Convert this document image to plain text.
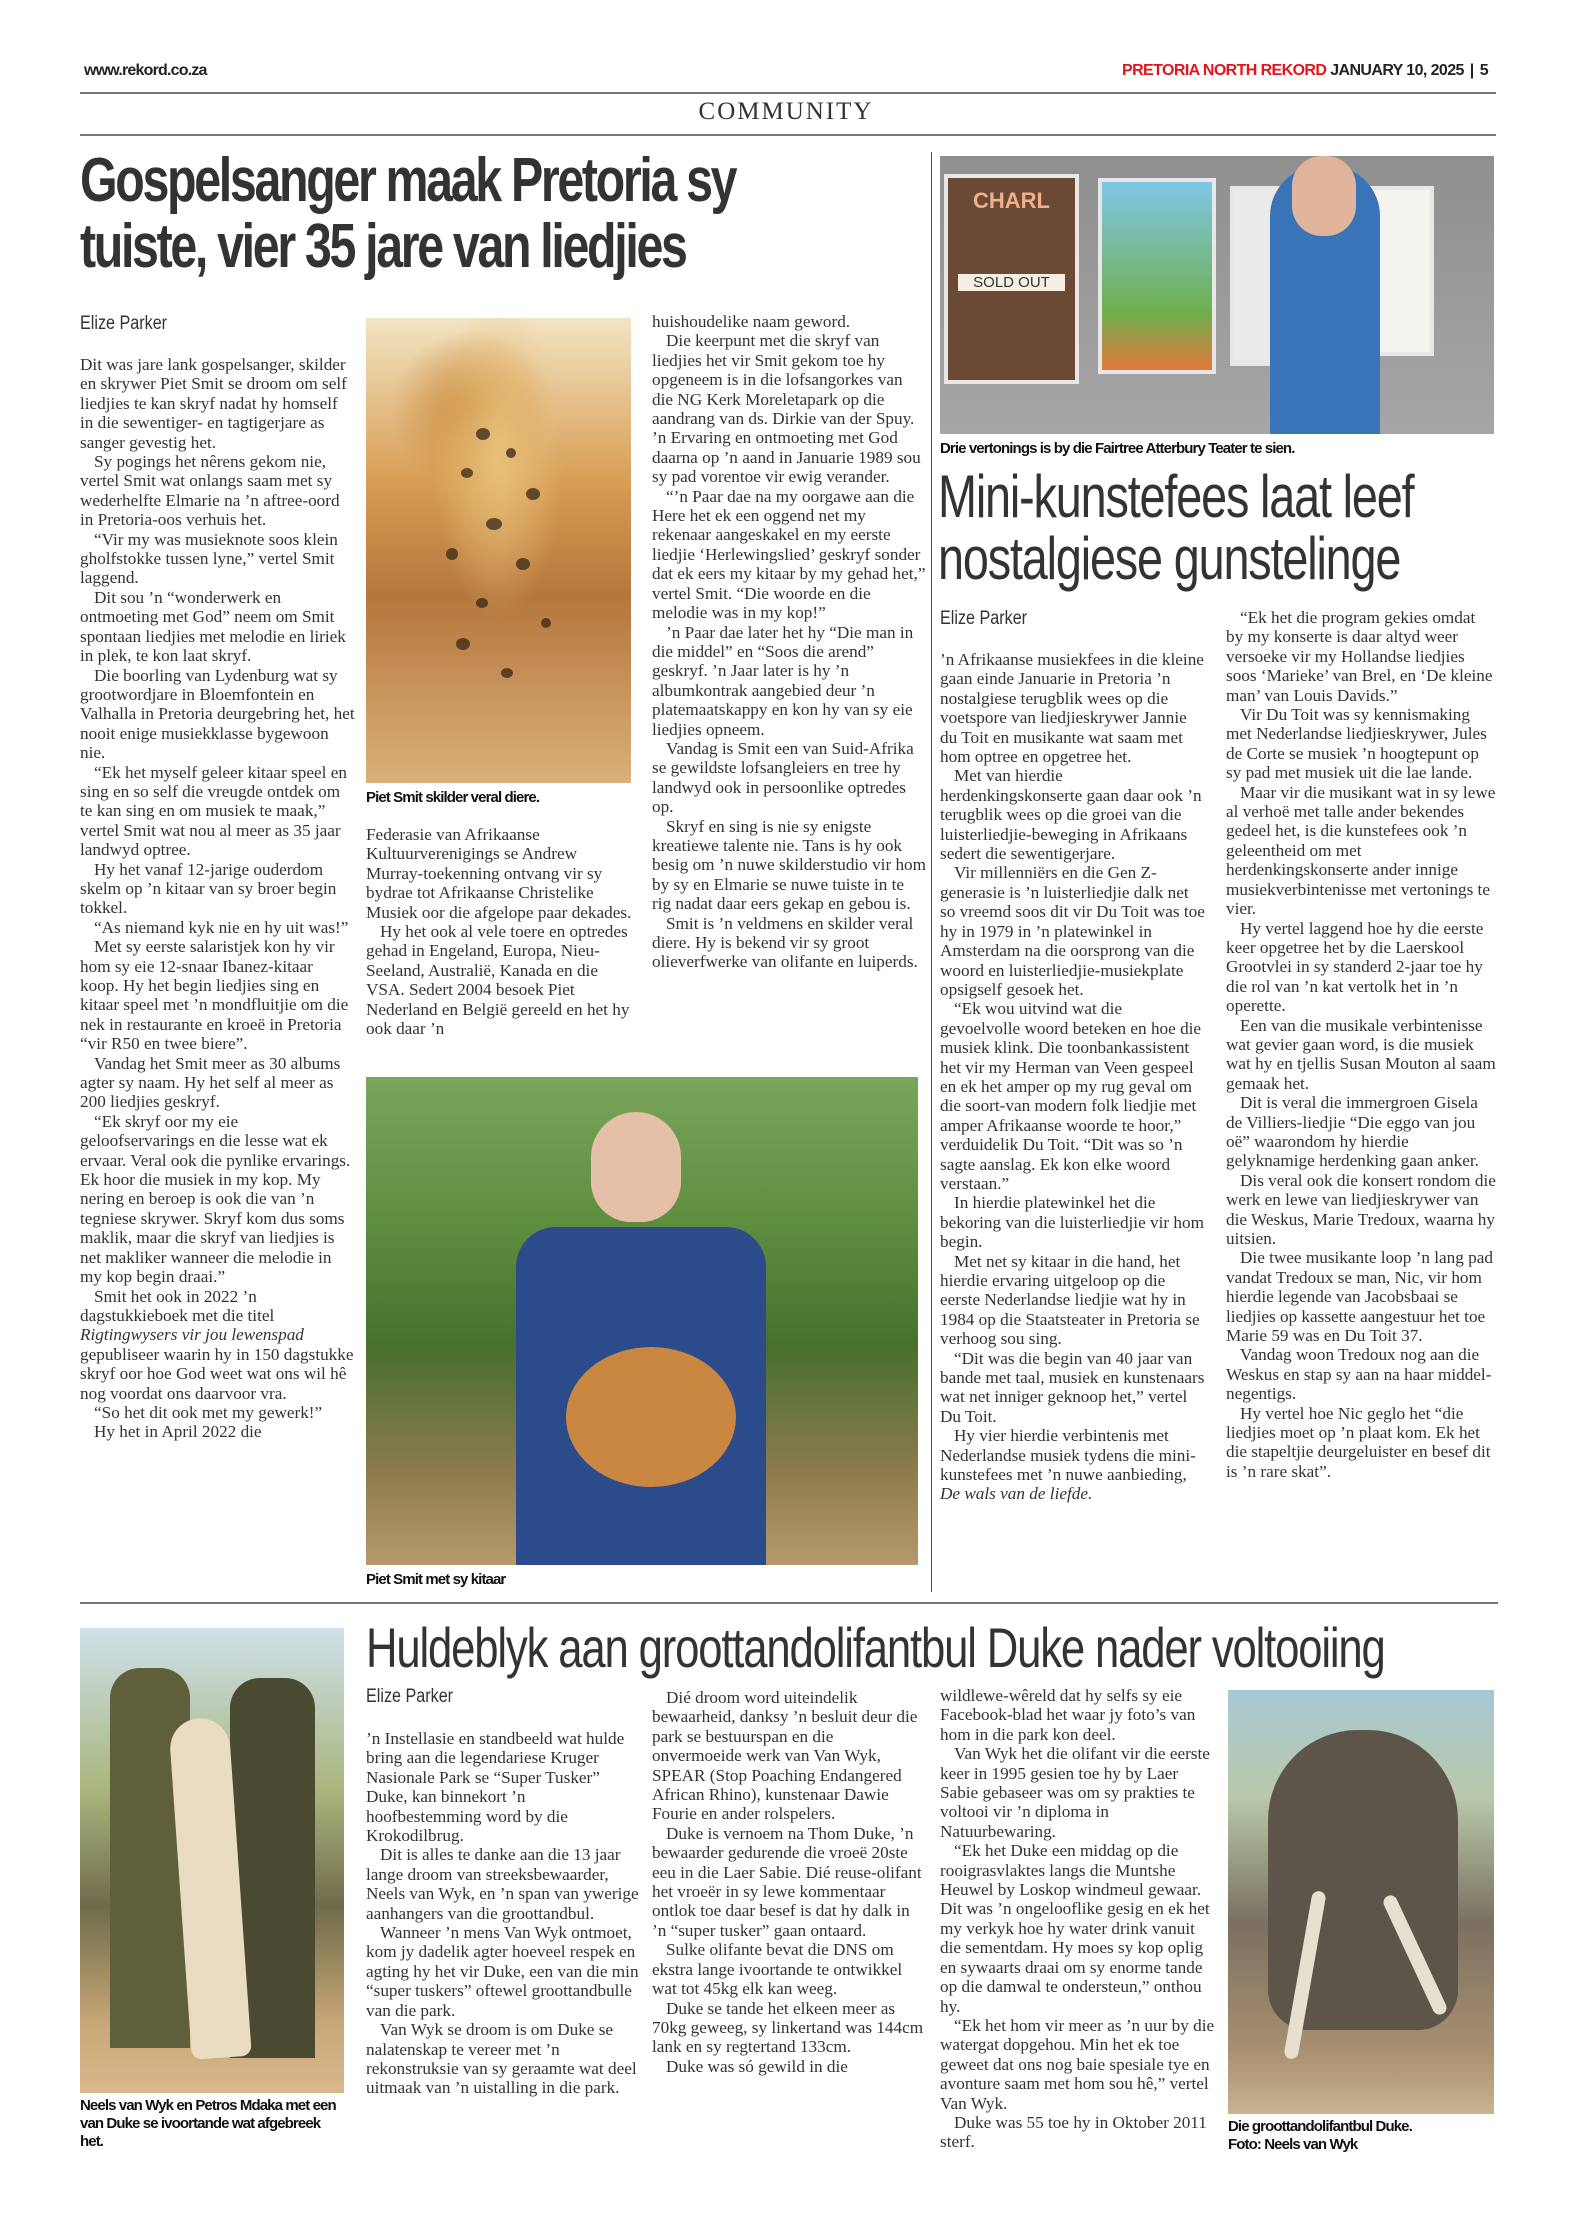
www.rekord.co.za	PRETORIA NORTH REKORD JANUARY 10, 2025 | 5
COMMUNITY
Gospelsanger maak Pretoria sy
tuiste, vier 35 jare van liedjies
Elize Parker

Dit was jare lank gospelsanger, skilder en skrywer Piet Smit se droom om self liedjies te kan skryf nadat hy homself in die sewentiger- en tagtigerjare as sanger gevestig het.

Sy pogings het nêrens gekom nie, vertel Smit wat onlangs saam met sy wederhelfte Elmarie na ’n aftree-oord in Pretoria-oos verhuis het.

“Vir my was musieknote soos klein gholfstokke tussen lyne,” vertel Smit laggend.

Dit sou ’n “wonderwerk en ontmoeting met God” neem om Smit spontaan liedjies met melodie en liriek in plek, te kon laat skryf.

Die boorling van Lydenburg wat sy grootwordjare in Bloemfontein en Valhalla in Pretoria deurgebring het, het nooit enige musiekklasse bygewoon nie.

“Ek het myself geleer kitaar speel en sing en so self die vreugde ontdek om te kan sing en om musiek te maak,” vertel Smit wat nou al meer as 35 jaar landwyd optree.

Hy het vanaf 12-jarige ouderdom skelm op ’n kitaar van sy broer begin tokkel.

“As niemand kyk nie en hy uit was!”

Met sy eerste salaristjek kon hy vir hom sy eie 12-snaar Ibanez-kitaar koop. Hy het begin liedjies sing en kitaar speel met ’n mondfluitjie om die nek in restaurante en kroeë in Pretoria “vir R50 en twee biere”.

Vandag het Smit meer as 30 albums agter sy naam. Hy het self al meer as 200 liedjies geskryf.

“Ek skryf oor my eie geloofservarings en die lesse wat ek ervaar. Veral ook die pynlike ervarings. Ek hoor die musiek in my kop. My nering en beroep is ook die van ’n tegniese skrywer. Skryf kom dus soms maklik, maar die skryf van liedjies is net makliker wanneer die melodie in my kop begin draai.”

Smit het ook in 2022 ’n dagstukkieboek met die titel Rigtingwysers vir jou lewenspad gepubliseer waarin hy in 150 dagstukke skryf oor hoe God weet wat ons wil hê nog voordat ons daarvoor vra.

“So het dit ook met my gewerk!”

Hy het in April 2022 die

Piet Smit skilder veral diere.

Federasie van Afrikaanse Kultuurverenigings se Andrew Murray-toekenning ontvang vir sy bydrae tot Afrikaanse Christelike Musiek oor die afgelope paar dekades.

Hy het ook al vele toere en optredes gehad in Engeland, Europa, Nieu-Seeland, Australië, Kanada en die VSA. Sedert 2004 besoek Piet Nederland en België gereeld en het hy ook daar ’n

huishoudelike naam geword.

Die keerpunt met die skryf van liedjies het vir Smit gekom toe hy opgeneem is in die lofsangorkes van die NG Kerk Moreletapark op die aandrang van ds. Dirkie van der Spuy. ’n Ervaring en ontmoeting met God daarna op ’n aand in Januarie 1989 sou sy pad vorentoe vir ewig verander.

“’n Paar dae na my oorgawe aan die Here het ek een oggend net my rekenaar aangeskakel en my eerste liedjie ‘Herlewingslied’ geskryf sonder dat ek eers my kitaar by my gehad het,” vertel Smit. “Die woorde en die melodie was in my kop!”

’n Paar dae later het hy “Die man in die middel” en “Soos die arend” geskryf. ’n Jaar later is hy ’n albumkontrak aangebied deur ’n platemaatskappy en kon hy van sy eie liedjies opneem.

Vandag is Smit een van Suid-Afrika se gewildste lofsangleiers en tree hy landwyd ook in persoonlike optredes op.

Skryf en sing is nie sy enigste kreatiewe talente nie. Tans is hy ook besig om ’n nuwe skilderstudio vir hom by sy en Elmarie se nuwe tuiste in te rig nadat daar eers gekap en gebou is.

Smit is ’n veldmens en skilder veral diere. Hy is bekend vir sy groot olieverfwerke van olifante en luiperds.

Piet Smit met sy kitaar
CHARL
SOLD OUT
Drie vertonings is by die Fairtree Atterbury Teater te sien.
Mini-kunstefees laat leef
nostalgiese gunstelinge
Elize Parker

’n Afrikaanse musiekfees in die kleine gaan einde Januarie in Pretoria ’n nostalgiese terugblik wees op die voetspore van liedjieskrywer Jannie du Toit en musikante wat saam met hom optree en opgetree het.

Met van hierdie herdenkingskonserte gaan daar ook ’n terugblik wees op die groei van die luisterliedjie-beweging in Afrikaans sedert die sewentigerjare.

Vir millenniërs en die Gen Z-generasie is ’n luisterliedjie dalk net so vreemd soos dit vir Du Toit was toe hy in 1979 in ’n platewinkel in Amsterdam na die oorsprong van die woord en luisterliedjie-musiekplate opsigself gesoek het.

“Ek wou uitvind wat die gevoelvolle woord beteken en hoe die musiek klink. Die toonbankassistent het vir my Herman van Veen gespeel en ek het amper op my rug geval om die soort-van modern folk liedjie met amper Afrikaanse woorde te hoor,” verduidelik Du Toit. “Dit was so ’n sagte aanslag. Ek kon elke woord verstaan.”

In hierdie platewinkel het die bekoring van die luisterliedjie vir hom begin.

Met net sy kitaar in die hand, het hierdie ervaring uitgeloop op die eerste Nederlandse liedjie wat hy in 1984 op die Staatsteater in Pretoria se verhoog sou sing.

“Dit was die begin van 40 jaar van bande met taal, musiek en kunstenaars wat net inniger geknoop het,” vertel Du Toit.

Hy vier hierdie verbintenis met Nederlandse musiek tydens die mini-kunstefees met ’n nuwe aanbieding, De wals van de liefde.

“Ek het die program gekies omdat by my konserte is daar altyd weer versoeke vir my Hollandse liedjies soos ‘Marieke’ van Brel, en ‘De kleine man’ van Louis Davids.”

Vir Du Toit was sy kennismaking met Nederlandse liedjieskrywer, Jules de Corte se musiek ’n hoogtepunt op sy pad met musiek uit die lae lande.

Maar vir die musikant wat in sy lewe al verhoë met talle ander bekendes gedeel het, is die kunstefees ook ’n geleentheid om met herdenkingskonserte ander innige musiekverbintenisse met vertonings te vier.

Hy vertel laggend hoe hy die eerste keer opgetree het by die Laerskool Grootvlei in sy standerd 2-jaar toe hy die rol van ’n kat vertolk het in ’n operette.

Een van die musikale verbintenisse wat gevier gaan word, is die musiek wat hy en tjellis Susan Mouton al saam gemaak het.

Dit is veral die immergroen Gisela de Villiers-liedjie “Die eggo van jou oë” waarondom hy hierdie gelyknamige herdenking gaan anker.

Dis veral ook die konsert rondom die werk en lewe van liedjieskrywer van die Weskus, Marie Tredoux, waarna hy uitsien.

Die twee musikante loop ’n lang pad vandat Tredoux se man, Nic, vir hom hierdie legende van Jacobsbaai se liedjies op kassette aangestuur het toe Marie 59 was en Du Toit 37.

Vandag woon Tredoux nog aan die Weskus en stap sy aan na haar middel-negentigs.

Hy vertel hoe Nic geglo het “die liedjies moet op ’n plaat kom. Ek het die stapeltjie deurgeluister en besef dit is ’n rare skat”.

Neels van Wyk en Petros Mdaka met een van Duke se ivoortande wat afgebreek het.
Huldeblyk aan groottandolifantbul Duke nader voltooiing
Elize Parker

’n Instellasie en standbeeld wat hulde bring aan die legendariese Kruger Nasionale Park se “Super Tusker” Duke, kan binnekort ’n hoofbestemming word by die Krokodilbrug.

Dit is alles te danke aan die 13 jaar lange droom van streeksbewaarder, Neels van Wyk, en ’n span van ywerige aanhangers van die groottandbul.

Wanneer ’n mens Van Wyk ontmoet, kom jy dadelik agter hoeveel respek en agting hy het vir Duke, een van die min “super tuskers” oftewel groottandbulle van die park.

Van Wyk se droom is om Duke se nalatenskap te vereer met ’n rekonstruksie van sy geraamte wat deel uitmaak van ’n uistalling in die park.

Dié droom word uiteindelik bewaarheid, danksy ’n besluit deur die park se bestuurspan en die onvermoeide werk van Van Wyk, SPEAR (Stop Poaching Endangered African Rhino), kunstenaar Dawie Fourie en ander rolspelers.

Duke is vernoem na Thom Duke, ’n bewaarder gedurende die vroeë 20ste eeu in die Laer Sabie. Dié reuse-olifant het vroeër in sy lewe kommentaar ontlok toe daar besef is dat hy dalk in ’n “super tusker” gaan ontaard.

Sulke olifante bevat die DNS om ekstra lange ivoortande te ontwikkel wat tot 45kg elk kan weeg.

Duke se tande het elkeen meer as 70kg geweeg, sy linkertand was 144cm lank en sy regtertand 133cm.

Duke was só gewild in die

wildlewe-wêreld dat hy selfs sy eie Facebook-blad het waar jy foto’s van hom in die park kon deel.

Van Wyk het die olifant vir die eerste keer in 1995 gesien toe hy by Laer Sabie gebaseer was om sy prakties te voltooi vir ’n diploma in Natuurbewaring.

“Ek het Duke een middag op die rooigrasvlaktes langs die Muntshe Heuwel by Loskop windmeul gewaar. Dit was ’n ongelooflike gesig en ek het my verkyk hoe hy water drink vanuit die sementdam. Hy moes sy kop oplig en sywaarts draai om sy enorme tande op die damwal te ondersteun,” onthou hy.

“Ek het hom vir meer as ’n uur by die watergat dopgehou. Min het ek toe geweet dat ons nog baie spesiale tye en avonture saam met hom sou hê,” vertel Van Wyk.

Duke was 55 toe hy in Oktober 2011 sterf.

Die groottandolifantbul Duke.
Foto: Neels van Wyk
